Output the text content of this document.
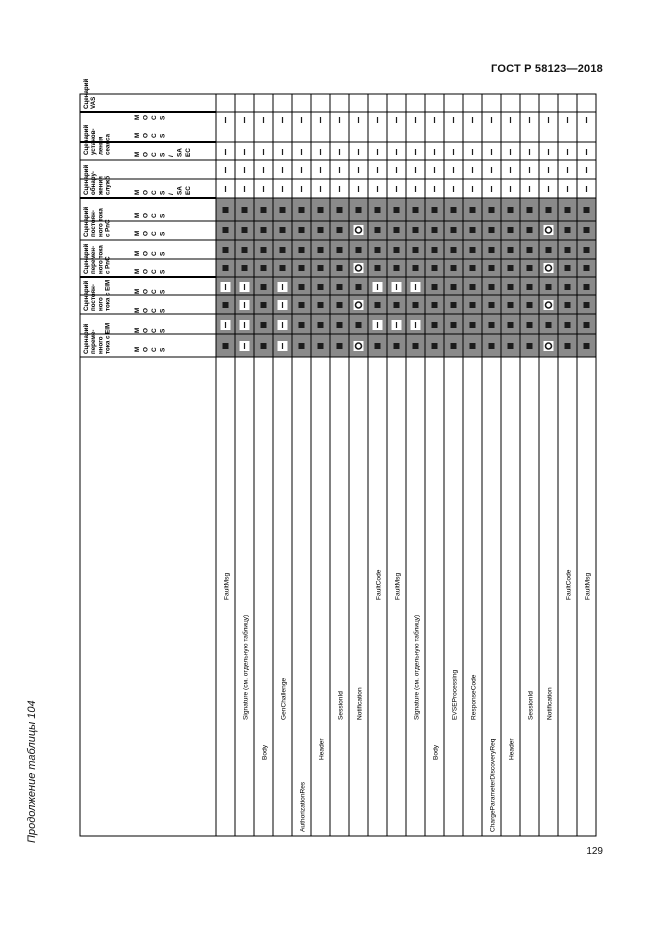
ГОСТ Р 58123—2018
Продолжение таблицы 104
129
Сценарий переме- нного тока с EIM
Сценарий постоян- ного тока с EIM
Сценарий перемен- ного тока с PnC
Сценарий постоян- ного тока с PnC
Сценарий обнару- жения служб
Сценарий установ- ления сеанса
Сценарий VAS
M O C S
M O C S
M O C S
M O C S
M O C S
M O C S
M O C S
M O C S
M O C S / SA EC
M O C S / SA EC
M O C S
M O C S
FaultMsg
Signature (см. отдельную таблицу)
Body
GenChallenge
AuthorizationRes
Header
SessionId Notification
FaultCode FaultMsg
Signature (см. отдельную таблицу)
Body
EVSEProcessing ResponseCode
ChargeParameterDiscoveryReq Header
SessionId Notification
FaultCode FaultMsg
